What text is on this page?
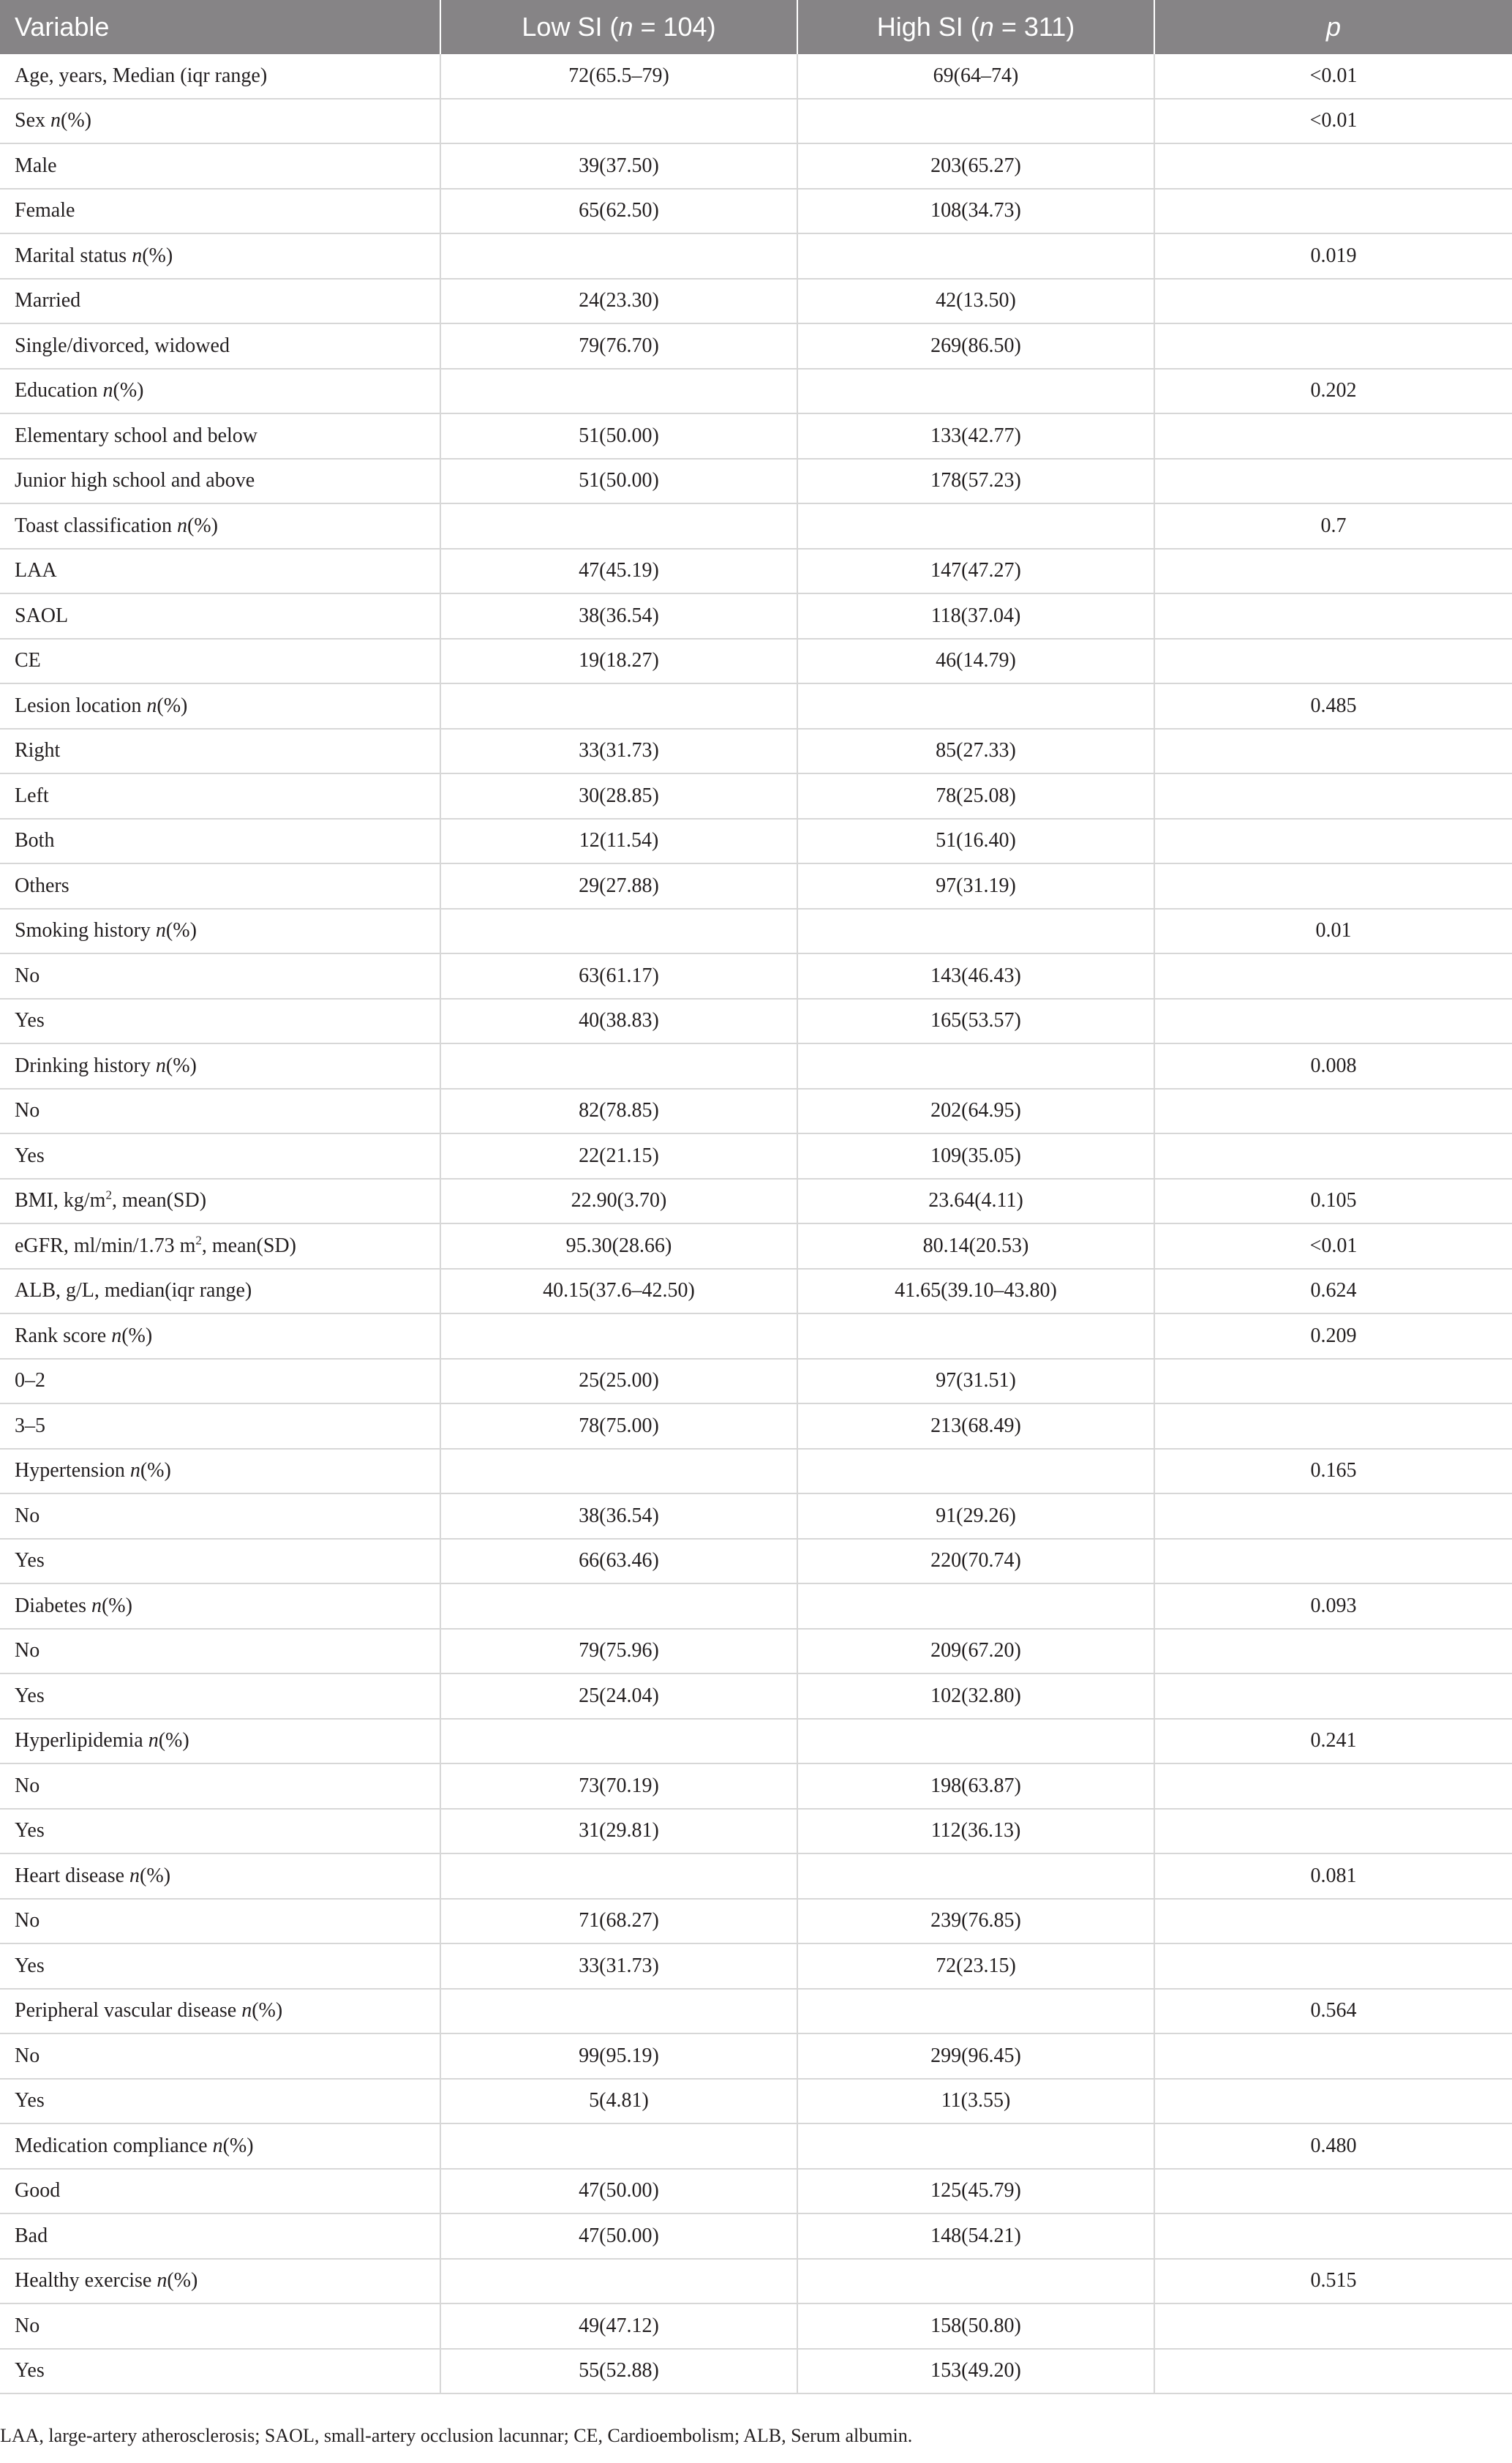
Variable	Low SI (n = 104)	High SI (n = 311)	p
Age, years, Median (iqr range)	72(65.5–79)	69(64–74)	<0.01
Sex n(%)			<0.01
Male	39(37.50)	203(65.27)	
Female	65(62.50)	108(34.73)	
Marital status n(%)			0.019
Married	24(23.30)	42(13.50)	
Single/divorced, widowed	79(76.70)	269(86.50)	
Education n(%)			0.202
Elementary school and below	51(50.00)	133(42.77)	
Junior high school and above	51(50.00)	178(57.23)	
Toast classification n(%)			0.7
LAA	47(45.19)	147(47.27)	
SAOL	38(36.54)	118(37.04)	
CE	19(18.27)	46(14.79)	
Lesion location n(%)			0.485
Right	33(31.73)	85(27.33)	
Left	30(28.85)	78(25.08)	
Both	12(11.54)	51(16.40)	
Others	29(27.88)	97(31.19)	
Smoking history n(%)			0.01
No	63(61.17)	143(46.43)	
Yes	40(38.83)	165(53.57)	
Drinking history n(%)			0.008
No	82(78.85)	202(64.95)	
Yes	22(21.15)	109(35.05)	
BMI, $kg/m^2$, mean(SD)	22.90(3.70)	23.64(4.11)	0.105
eGFR, ml/min/1.73 $m^2$, mean(SD)	95.30(28.66)	80.14(20.53)	<0.01
ALB, g/L, median(iqr range)	40.15(37.6–42.50)	41.65(39.10–43.80)	0.624
Rank score n(%)			0.209
0–2	25(25.00)	97(31.51)	
3–5	78(75.00)	213(68.49)	
Hypertension n(%)			0.165
No	38(36.54)	91(29.26)	
Yes	66(63.46)	220(70.74)	
Diabetes n(%)			0.093
No	79(75.96)	209(67.20)	
Yes	25(24.04)	102(32.80)	
Hyperlipidemia n(%)			0.241
No	73(70.19)	198(63.87)	
Yes	31(29.81)	112(36.13)	
Heart disease n(%)			0.081
No	71(68.27)	239(76.85)	
Yes	33(31.73)	72(23.15)	
Peripheral vascular disease n(%)			0.564
No	99(95.19)	299(96.45)	
Yes	5(4.81)	11(3.55)	
Medication compliance n(%)			0.480
Good	47(50.00)	125(45.79)	
Bad	47(50.00)	148(54.21)	
Healthy exercise n(%)			0.515
No	49(47.12)	158(50.80)	
Yes	55(52.88)	153(49.20)	
LAA, large-artery atherosclerosis; SAOL, small-artery occlusion lacunnar; CE, Cardioembolism; ALB, Serum albumin.
